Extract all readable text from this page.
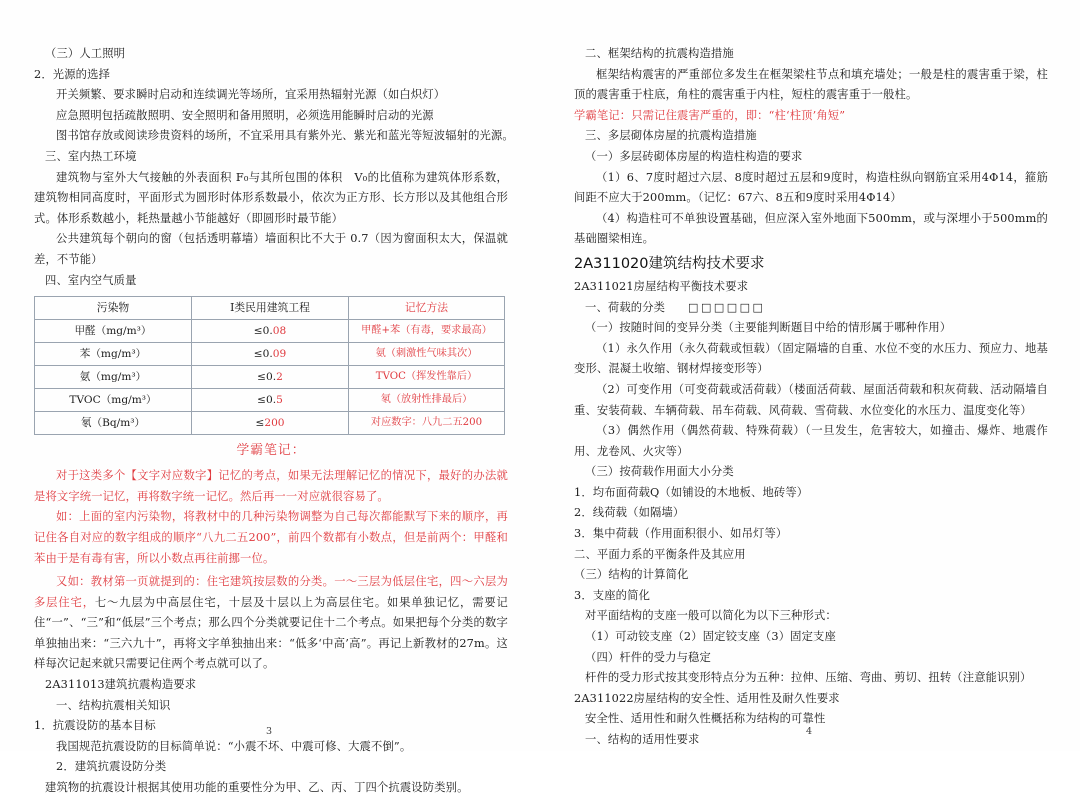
（三）人工照明

2．光源的选择

开关频繁、要求瞬时启动和连续调光等场所，宜采用热辐射光源（如白炽灯）

应急照明包括疏散照明、安全照明和备用照明，必须选用能瞬时启动的光源

图书馆存放或阅读珍贵资料的场所，不宜采用具有紫外光、紫光和蓝光等短波辐射的光源。

三、室内热工环境

建筑物与室外大气接触的外表面积 F₀与其所包围的体积　V₀的比值称为建筑体形系数，建筑物相同高度时，平面形式为圆形时体形系数最小，依次为正方形、长方形以及其他组合形式。体形系数越小，耗热量越小节能越好（即圆形时最节能）

公共建筑每个朝向的窗（包括透明幕墙）墙面积比不大于 0.7（因为窗面积太大，保温就差，不节能）

四、室内空气质量

污染物	Ⅰ类民用建筑工程	记忆方法
甲醛（mg/m³）	≤0.08	甲醛+苯（有毒，要求最高）
苯（mg/m³）	≤0.09	氨（刺激性气味其次）
氨（mg/m³）	≤0.2	TVOC（挥发性靠后）
TVOC（mg/m³）	≤0.5	氡（放射性排最后）
氡（Bq/m³）	≤200	对应数字：八九二五200

学霸笔记：

对于这类多个【文字对应数字】记忆的考点，如果无法理解记忆的情况下，最好的办法就是将文字统一记忆，再将数字统一记忆。然后再一一对应就很容易了。

如：上面的室内污染物，将教材中的几种污染物调整为自己每次都能默写下来的顺序，再记住各自对应的数字组成的顺序“八九二五200”，前四个数都有小数点，但是前两个：甲醛和苯由于是有毒有害，所以小数点再往前挪一位。

又如：教材第一页就提到的：住宅建筑按层数的分类。一～三层为低层住宅，四～六层为多层住宅，七～九层为中高层住宅，十层及十层以上为高层住宅。如果单独记忆，需要记住“一”、“三”和“低层”三个考点；那么四个分类就要记住十二个考点。如果把每个分类的数字单独抽出来：“三六九十”，再将文字单独抽出来：“低多‘中高’高”。再记上新教材的27m。这样每次记起来就只需要记住两个考点就可以了。

2A311013建筑抗震构造要求

一、结构抗震相关知识

1．抗震设防的基本目标

我国规范抗震设防的目标简单说：“小震不坏、中震可修、大震不倒”。

2．建筑抗震设防分类

建筑物的抗震设计根据其使用功能的重要性分为甲、乙、丙、丁四个抗震设防类别。

3

二、框架结构的抗震构造措施

框架结构震害的严重部位多发生在框架梁柱节点和填充墙处；一般是柱的震害重于梁，柱顶的震害重于柱底，角柱的震害重于内柱，短柱的震害重于一般柱。

学霸笔记：只需记住震害严重的，即：“柱‘柱顶’角短”

三、多层砌体房屋的抗震构造措施

（一）多层砖砌体房屋的构造柱构造的要求

（1）6、7度时超过六层、8度时超过五层和9度时，构造柱纵向钢筋宜采用4Φ14，箍筋间距不应大于200mm。（记忆：67六、8五和9度时采用4Φ14）

（4）构造柱可不单独设置基础，但应深入室外地面下500mm，或与深埋小于500mm的基础圈梁相连。

2A311020建筑结构技术要求

2A311021房屋结构平衡技术要求

一、荷载的分类　　 □□□□□□

（一）按随时间的变异分类（主要能判断题目中给的情形属于哪种作用）

（1）永久作用（永久荷载或恒载）（固定隔墙的自重、水位不变的水压力、预应力、地基变形、混凝土收缩、钢材焊接变形等）

（2）可变作用（可变荷载或活荷载）（楼面活荷载、屋面活荷载和积灰荷载、活动隔墙自重、安装荷载、车辆荷载、吊车荷载、风荷载、雪荷载、水位变化的水压力、温度变化等）

（3）偶然作用（偶然荷载、特殊荷载）（一旦发生，危害较大，如撞击、爆炸、地震作用、龙卷风、火灾等）

（三）按荷载作用面大小分类

1．均布面荷载Q（如铺设的木地板、地砖等）

2．线荷载（如隔墙）

3．集中荷载（作用面积很小、如吊灯等）

二、平面力系的平衡条件及其应用

（三）结构的计算简化

3．支座的简化

对平面结构的支座一般可以简化为以下三种形式：

（1）可动铰支座（2）固定铰支座（3）固定支座

（四）杆件的受力与稳定

杆件的受力形式按其变形特点分为五种：拉伸、压缩、弯曲、剪切、扭转（注意能识别）

2A311022房屋结构的安全性、适用性及耐久性要求

安全性、适用性和耐久性概括称为结构的可靠性

一、结构的适用性要求

4
